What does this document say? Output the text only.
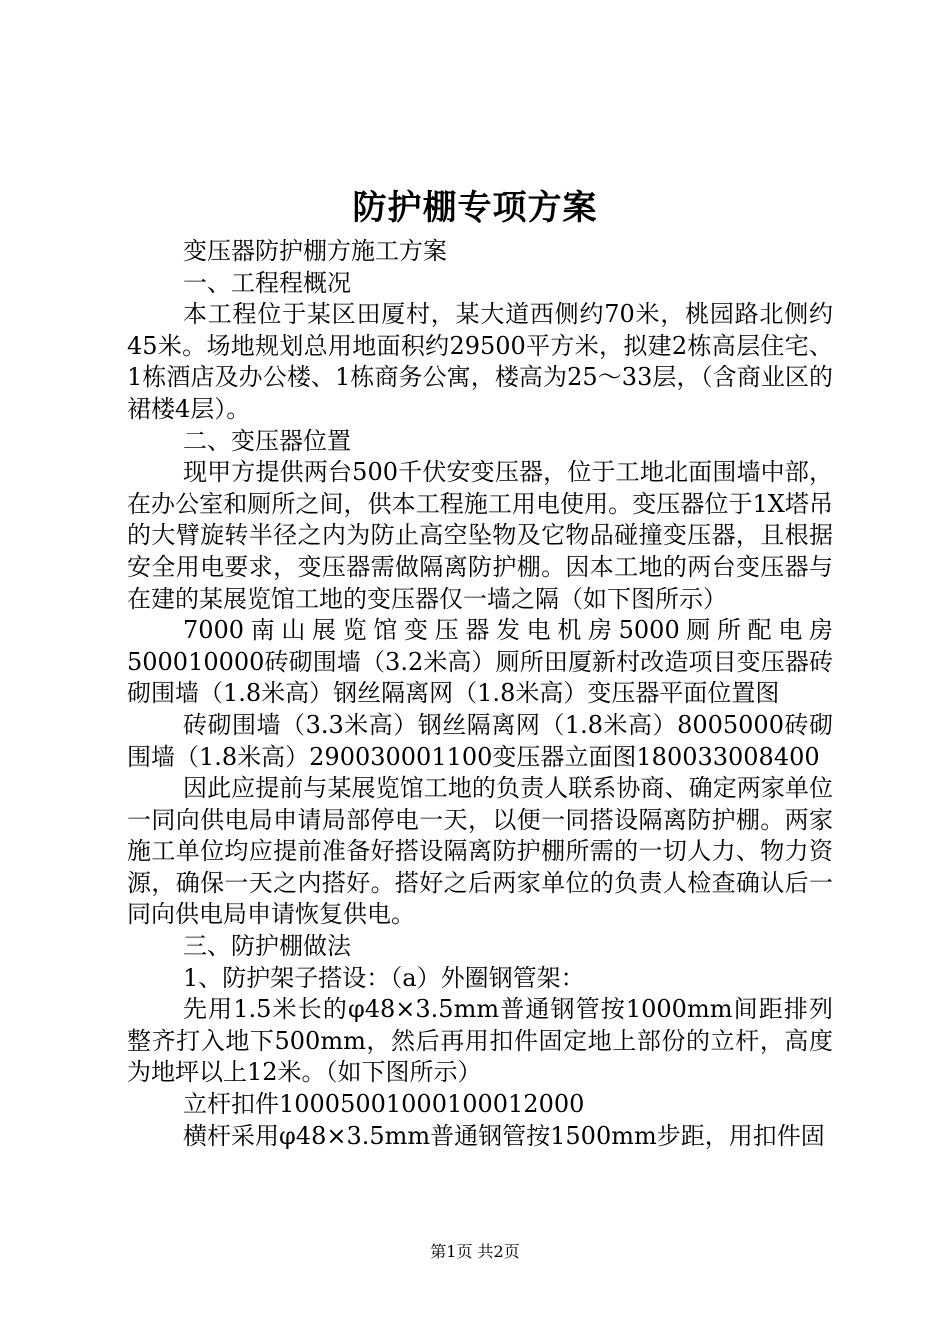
防护棚专项方案

变压器防护棚方施工方案

一、工程程概况

本工程位于某区田厦村，某大道西侧约70米，桃园路北侧约45米。场地规划总用地面积约29500平方米，拟建2栋高层住宅、1栋酒店及办公楼、1栋商务公寓，楼高为25～33层，（含商业区的裙楼4层）。

二、变压器位置

现甲方提供两台500千伏安变压器，位于工地北面围墙中部，在办公室和厕所之间，供本工程施工用电使用。变压器位于1X塔吊的大臂旋转半径之内为防止高空坠物及它物品碰撞变压器，且根据安全用电要求，变压器需做隔离防护棚。因本工地的两台变压器与在建的某展览馆工地的变压器仅一墙之隔（如下图所示）

7000南山展览馆变压器发电机房5000厕所配电房500010000砖砌围墙（3.2米高）厕所田厦新村改造项目变压器砖砌围墙（1.8米高）钢丝隔离网（1.8米高）变压器平面位置图

砖砌围墙（3.3米高）钢丝隔离网（1.8米高）8005000砖砌围墙（1.8米高）290030001100变压器立面图180033008400

因此应提前与某展览馆工地的负责人联系协商、确定两家单位一同向供电局申请局部停电一天，以便一同搭设隔离防护棚。两家施工单位均应提前准备好搭设隔离防护棚所需的一切人力、物力资源，确保一天之内搭好。搭好之后两家单位的负责人检查确认后一同向供电局申请恢复供电。

三、防护棚做法

1、防护架子搭设：（a）外圈钢管架：

先用1.5米长的φ48×3.5mm普通钢管按1000mm间距排列整齐打入地下500mm，然后再用扣件固定地上部份的立杆，高度为地坪以上12米。（如下图所示）

立杆扣件10005001000100012000

横杆采用φ48×3.5mm普通钢管按1500mm步距，用扣件固

第1页 共2页
